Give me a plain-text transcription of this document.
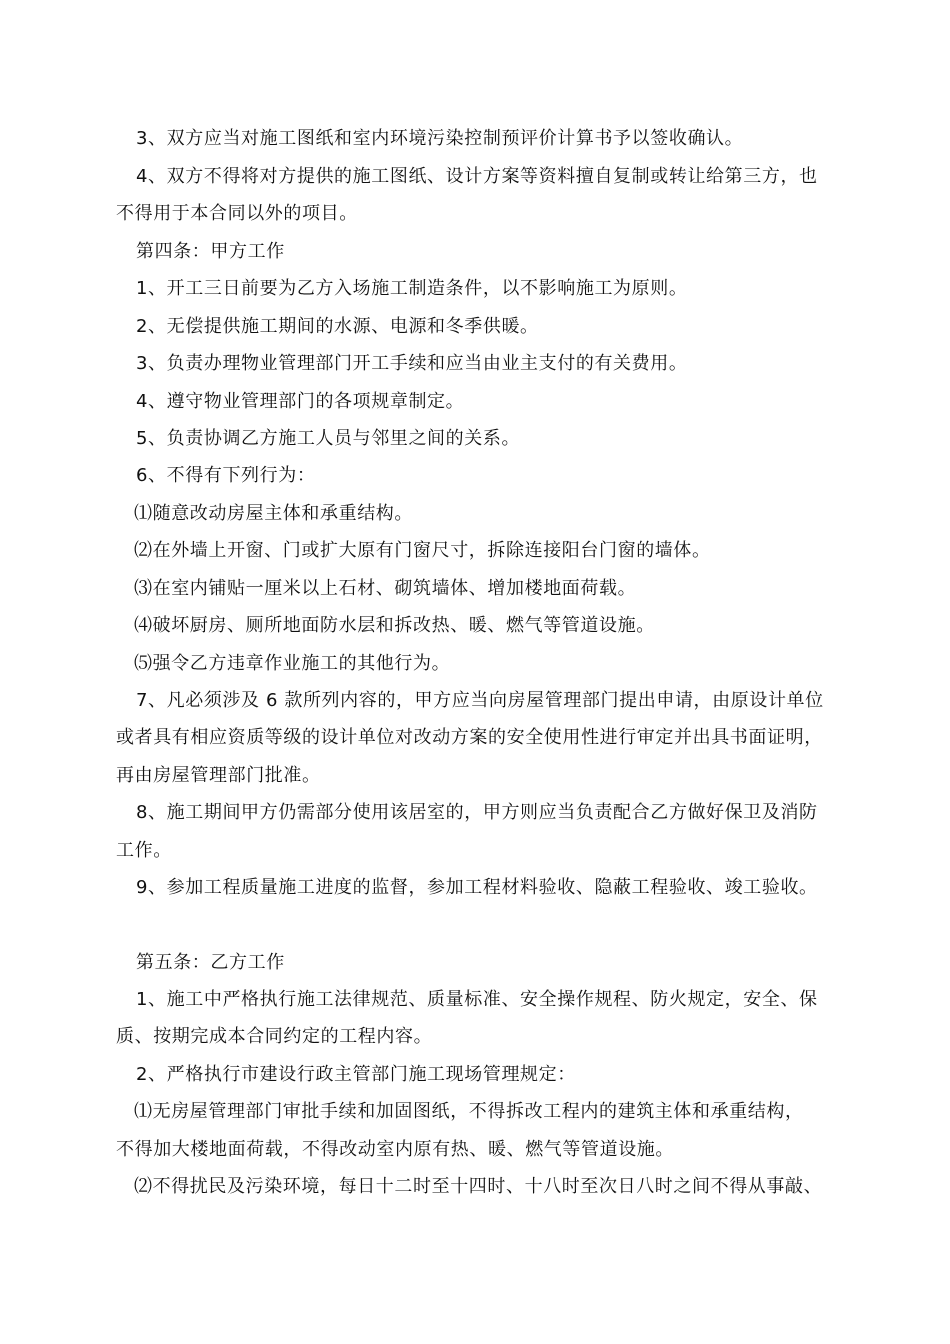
3、双方应当对施工图纸和室内环境污染控制预评价计算书予以签收确认。
4、双方不得将对方提供的施工图纸、设计方案等资料擅自复制或转让给第三方，也
不得用于本合同以外的项目。
第四条：甲方工作
1、开工三日前要为乙方入场施工制造条件，以不影响施工为原则。
2、无偿提供施工期间的水源、电源和冬季供暖。
3、负责办理物业管理部门开工手续和应当由业主支付的有关费用。
4、遵守物业管理部门的各项规章制定。
5、负责协调乙方施工人员与邻里之间的关系。
6、不得有下列行为：
⑴随意改动房屋主体和承重结构。
⑵在外墙上开窗、门或扩大原有门窗尺寸，拆除连接阳台门窗的墙体。
⑶在室内铺贴一厘米以上石材、砌筑墙体、增加楼地面荷载。
⑷破坏厨房、厕所地面防水层和拆改热、暖、燃气等管道设施。
⑸强令乙方违章作业施工的其他行为。
7、凡必须涉及 6 款所列内容的，甲方应当向房屋管理部门提出申请，由原设计单位
或者具有相应资质等级的设计单位对改动方案的安全使用性进行审定并出具书面证明，
再由房屋管理部门批准。
8、施工期间甲方仍需部分使用该居室的，甲方则应当负责配合乙方做好保卫及消防
工作。
9、参加工程质量施工进度的监督，参加工程材料验收、隐蔽工程验收、竣工验收。
第五条：乙方工作
1、施工中严格执行施工法律规范、质量标准、安全操作规程、防火规定，安全、保
质、按期完成本合同约定的工程内容。
2、严格执行市建设行政主管部门施工现场管理规定：
⑴无房屋管理部门审批手续和加固图纸，不得拆改工程内的建筑主体和承重结构，
不得加大楼地面荷载，不得改动室内原有热、暖、燃气等管道设施。
⑵不得扰民及污染环境，每日十二时至十四时、十八时至次日八时之间不得从事敲、
